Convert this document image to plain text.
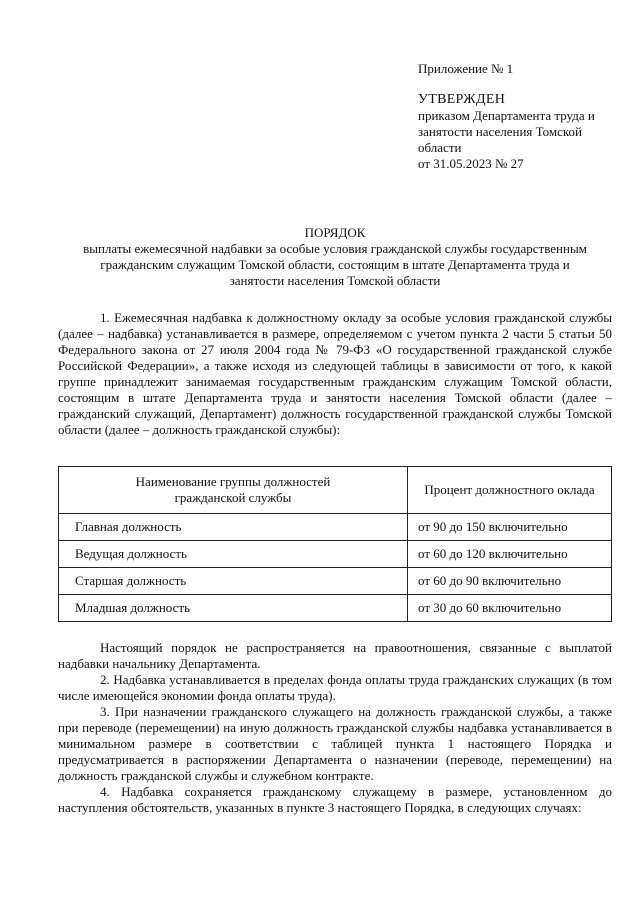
Приложение № 1
УТВЕРЖДЕН
приказом Департамента труда и
занятости населения Томской
области
от 31.05.2023 № 27
ПОРЯДОК
выплаты ежемесячной надбавки за особые условия гражданской службы государственным
гражданским служащим Томской области, состоящим в штате Департамента труда и
занятости населения Томской области

1. Ежемесячная надбавка к должностному окладу за особые условия гражданской службы (далее – надбавка) устанавливается в размере, определяемом с учетом пункта 2 части 5 статьи 50 Федерального закона от 27 июля 2004 года № 79-ФЗ «О государственной гражданской службе Российской Федерации», а также исходя из следующей таблицы в зависимости от того, к какой группе принадлежит занимаемая государственным гражданским служащим Томской области, состоящим в штате Департамента труда и занятости населения Томской области (далее – гражданский служащий, Департамент) должность государственной гражданской службы Томской области (далее – должность гражданской службы):

Наименование группы должностей
гражданской службы	Процент должностного оклада
Главная должность	от 90 до 150 включительно
Ведущая должность	от 60 до 120 включительно
Старшая должность	от 60 до 90 включительно
Младшая должность	от 30 до 60 включительно

Настоящий порядок не распространяется на правоотношения, связанные с выплатой надбавки начальнику Департамента.

2. Надбавка устанавливается в пределах фонда оплаты труда гражданских служащих (в том числе имеющейся экономии фонда оплаты труда).

3. При назначении гражданского служащего на должность гражданской службы, а также при переводе (перемещении) на иную должность гражданской службы надбавка устанавливается в минимальном размере в соответствии с таблицей пункта 1 настоящего Порядка и предусматривается в распоряжении Департамента о назначении (переводе, перемещении) на должность гражданской службы и служебном контракте.

4. Надбавка сохраняется гражданскому служащему в размере, установленном до наступления обстоятельств, указанных в пункте 3 настоящего Порядка, в следующих случаях:
